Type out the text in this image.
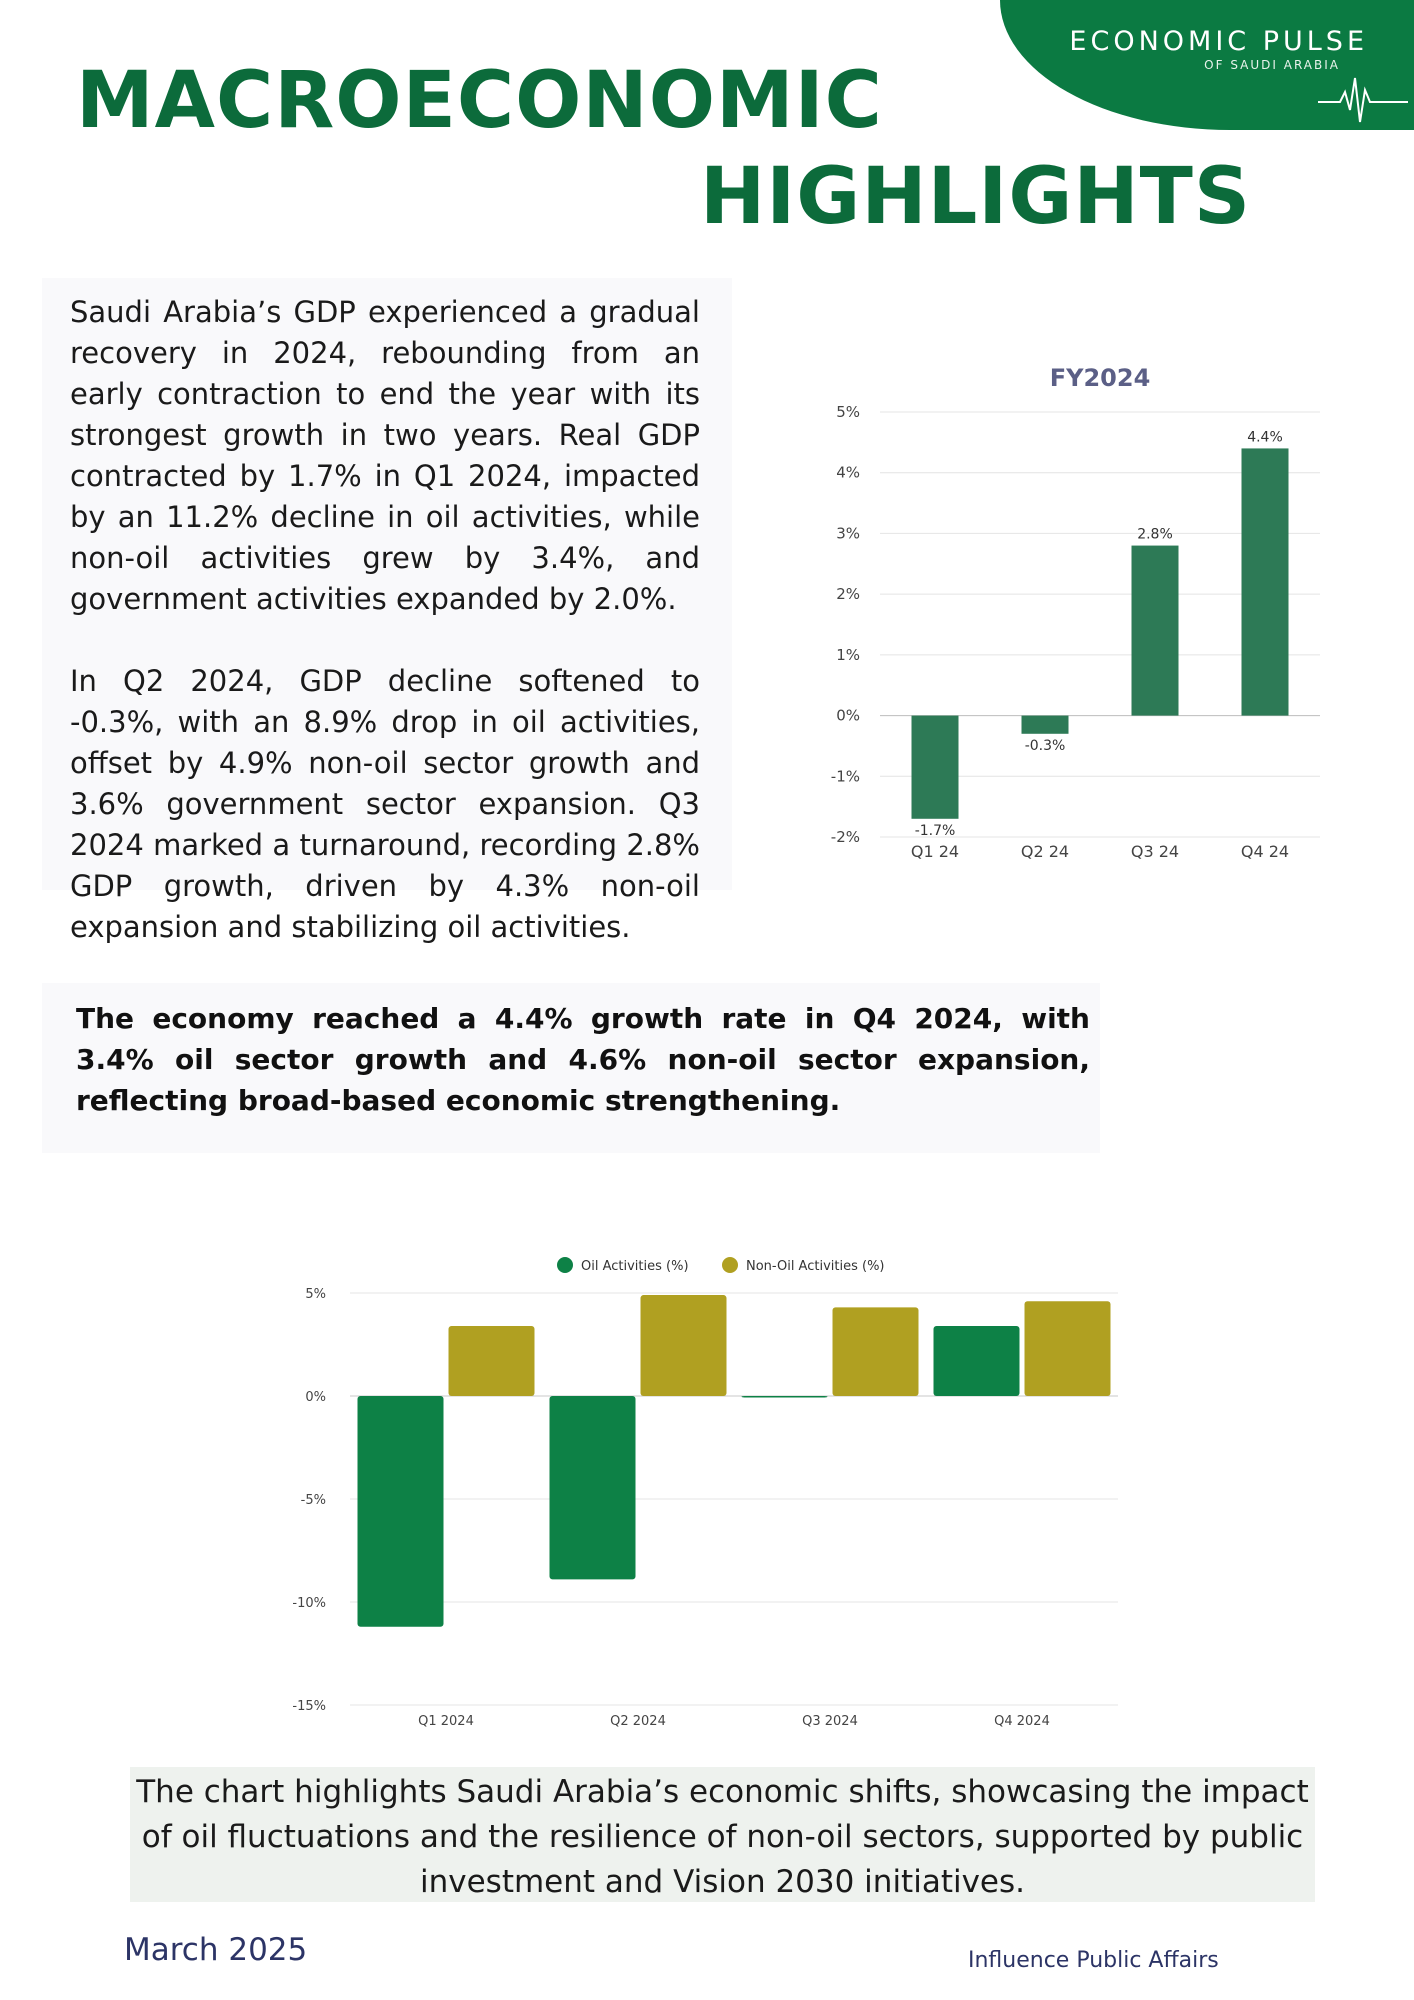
ECONOMIC PULSE
OF SAUDI ARABIA
MACROECONOMIC
HIGHLIGHTS

Saudi Arabia’s GDP experienced a gradual recovery in 2024, rebounding from an early contraction to end the year with its strongest growth in two years. Real GDP contracted by 1.7% in Q1 2024, impacted by an 11.2% decline in oil activities, while non-oil activities grew by 3.4%, and government activities expanded by 2.0%.

In Q2 2024, GDP decline softened to -0.3%, with an 8.9% drop in oil activities, offset by 4.9% non-oil sector growth and 3.6% government sector expansion. Q3 2024 marked a turnaround, recording 2.8% GDP growth, driven by 4.3% non-oil expansion and stabilizing oil activities.

FY2024
5%
4%
3%
2%
1%
0%
-1%
-2%	-1.7%
Q1 24
-0.3%
Q2 24
2.8%
Q3 24
4.4%
Q4 24
The economy reached a 4.4% growth rate in Q4 2024, with 3.4% oil sector growth and 4.6% non-oil sector expansion, reflecting broad-based economic strengthening.
Oil Activities (%)	Non-Oil Activities (%)
5%
0%
-5%
-10%
-15%
Q1 2024	Q2 2024	Q3 2024	Q4 2024
The chart highlights Saudi Arabia’s economic shifts, showcasing the impact of oil fluctuations and the resilience of non-oil sectors, supported by public investment and Vision 2030 initiatives.
March 2025	Influence Public Affairs
